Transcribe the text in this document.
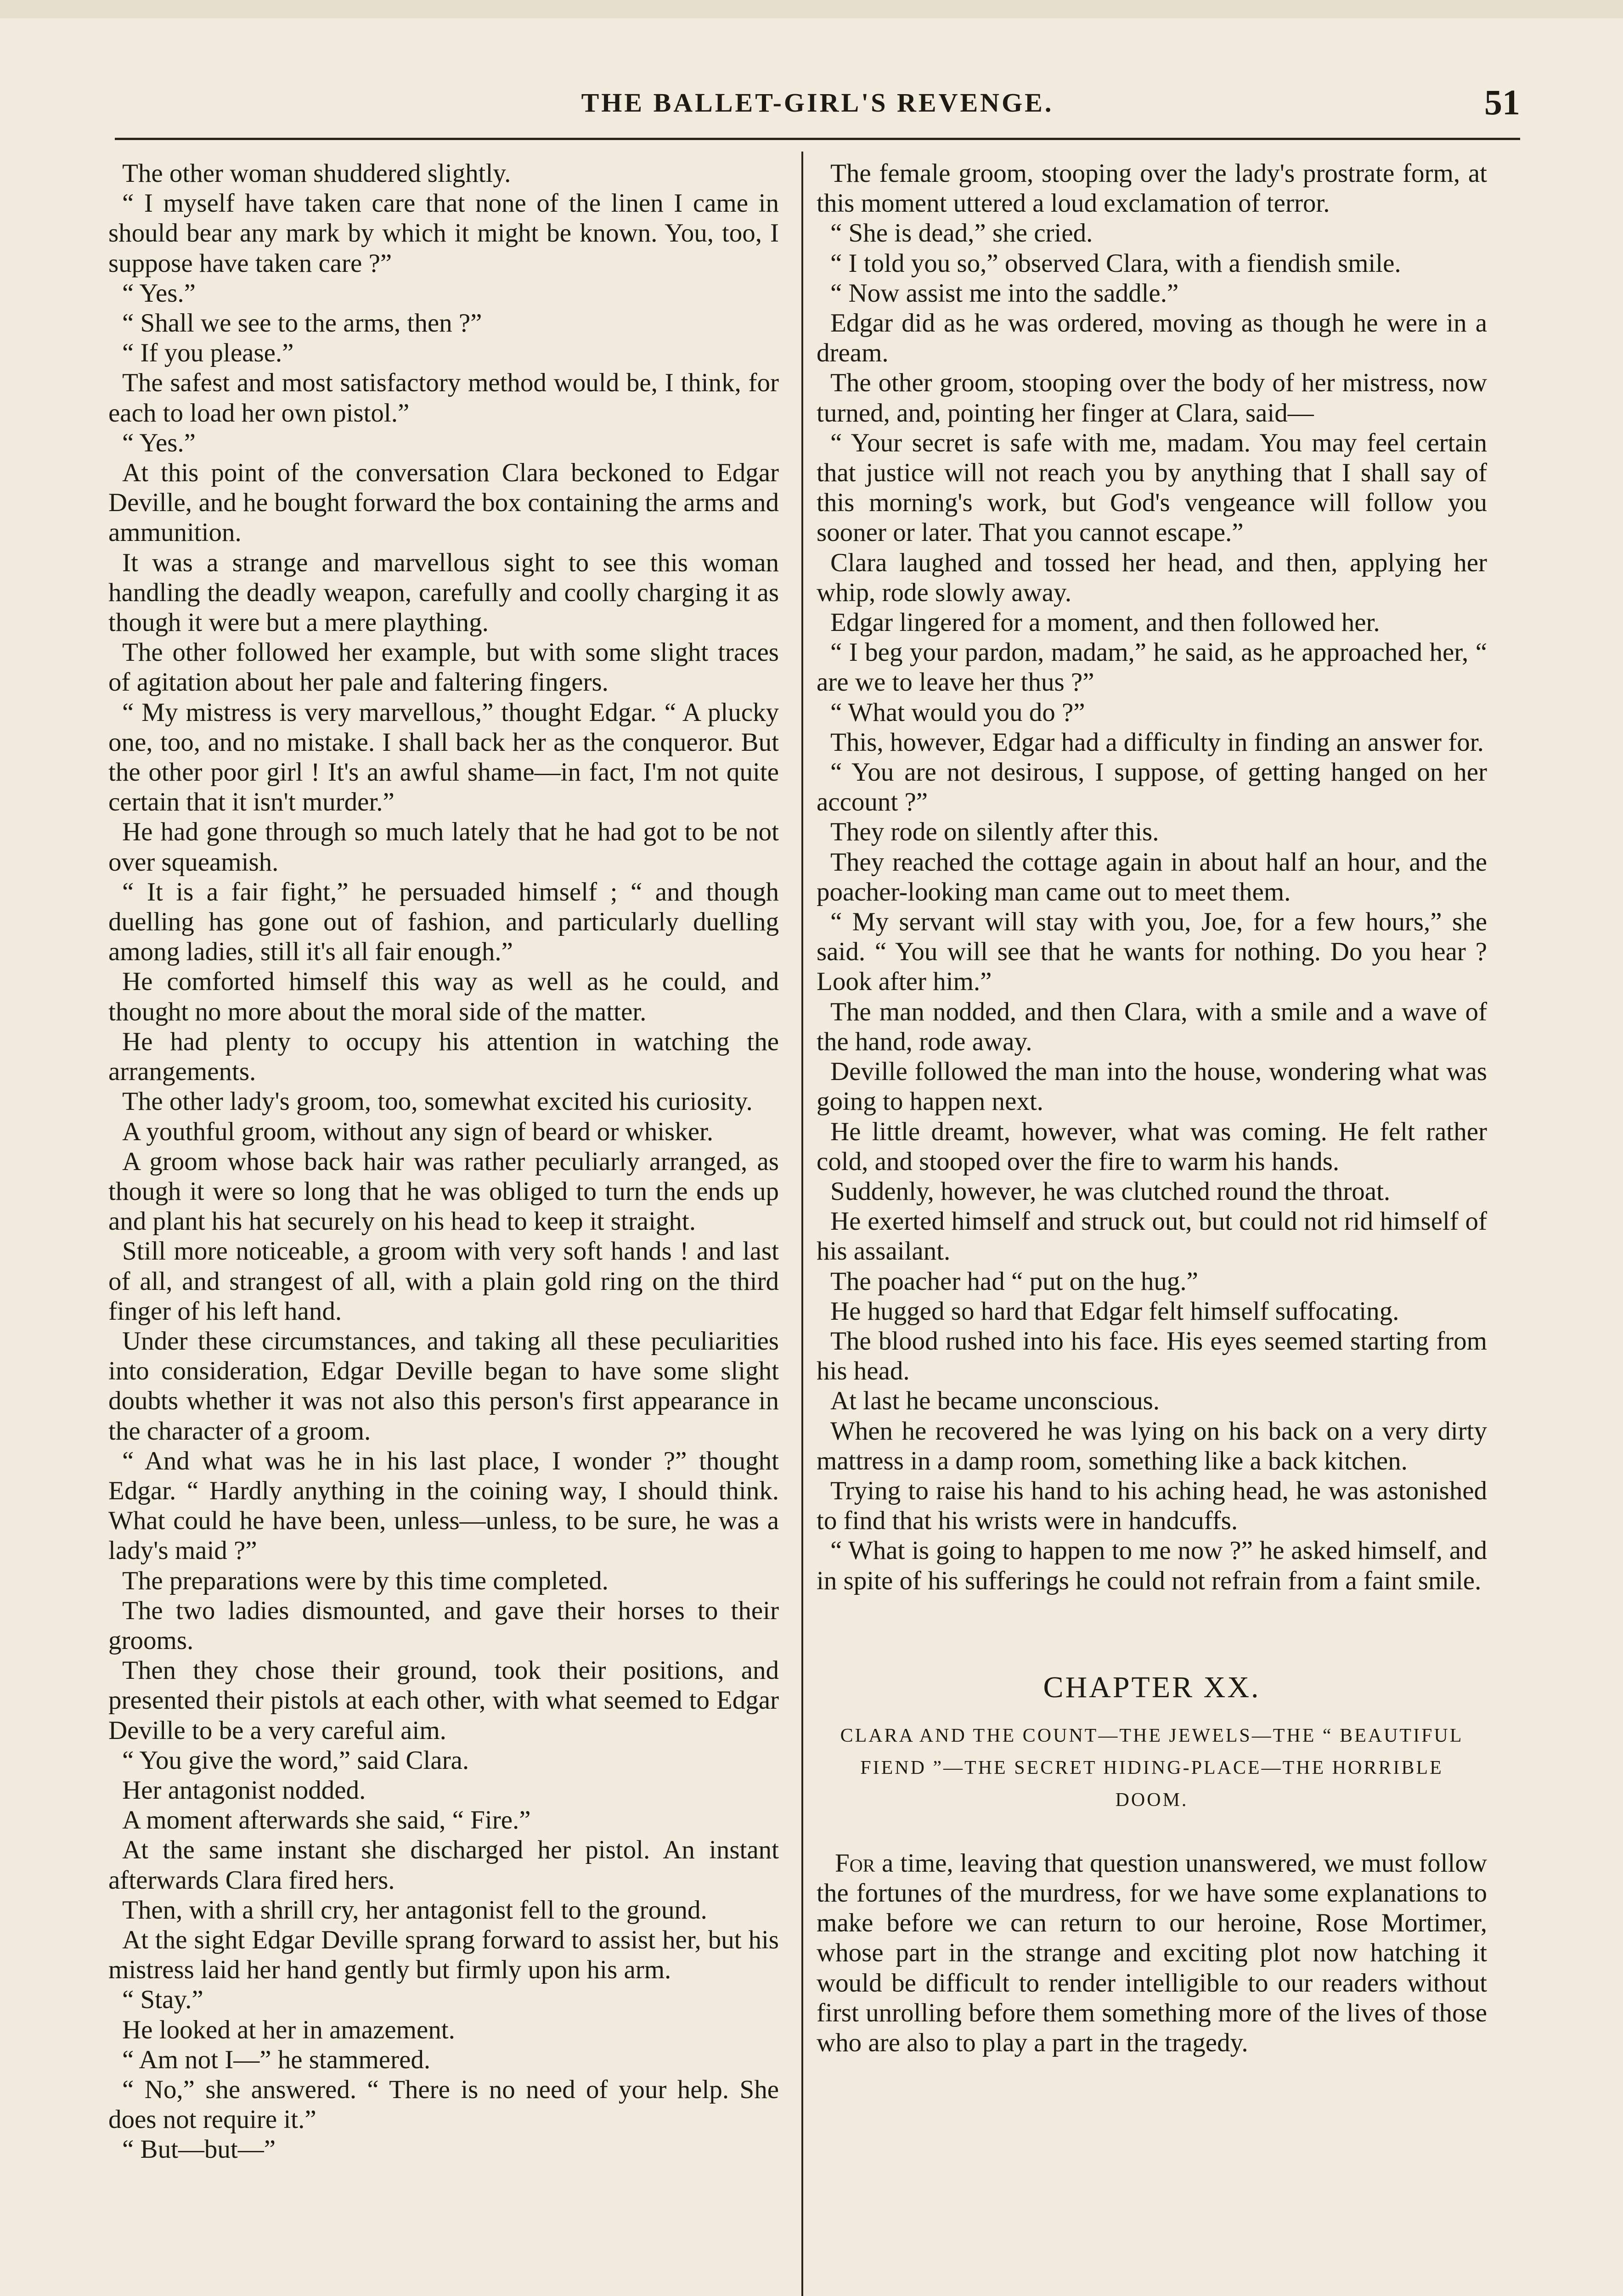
THE BALLET-GIRL'S REVENGE.	51

The other woman shuddered slightly.

“ I myself have taken care that none of the linen I came in should bear any mark by which it might be known. You, too, I suppose have taken care ?”

“ Yes.”

“ Shall we see to the arms, then ?”

“ If you please.”

The safest and most satisfactory method would be, I think, for each to load her own pistol.”

“ Yes.”

At this point of the conversation Clara beckoned to Edgar Deville, and he bought forward the box containing the arms and ammunition.

It was a strange and marvellous sight to see this woman handling the deadly weapon, carefully and coolly charging it as though it were but a mere plaything.

The other followed her example, but with some slight traces of agitation about her pale and faltering fingers.

“ My mistress is very marvellous,” thought Edgar. “ A plucky one, too, and no mistake. I shall back her as the conqueror. But the other poor girl ! It's an awful shame—in fact, I'm not quite certain that it isn't murder.”

He had gone through so much lately that he had got to be not over squeamish.

“ It is a fair fight,” he persuaded himself ; “ and though duelling has gone out of fashion, and particularly duelling among ladies, still it's all fair enough.”

He comforted himself this way as well as he could, and thought no more about the moral side of the matter.

He had plenty to occupy his attention in watching the arrangements.

The other lady's groom, too, somewhat excited his curiosity.

A youthful groom, without any sign of beard or whisker.

A groom whose back hair was rather peculiarly arranged, as though it were so long that he was obliged to turn the ends up and plant his hat securely on his head to keep it straight.

Still more noticeable, a groom with very soft hands ! and last of all, and strangest of all, with a plain gold ring on the third finger of his left hand.

Under these circumstances, and taking all these peculiarities into consideration, Edgar Deville began to have some slight doubts whether it was not also this person's first appearance in the character of a groom.

“ And what was he in his last place, I wonder ?” thought Edgar. “ Hardly anything in the coining way, I should think. What could he have been, unless—unless, to be sure, he was a lady's maid ?”

The preparations were by this time completed.

The two ladies dismounted, and gave their horses to their grooms.

Then they chose their ground, took their positions, and presented their pistols at each other, with what seemed to Edgar Deville to be a very careful aim.

“ You give the word,” said Clara.

Her antagonist nodded.

A moment afterwards she said, “ Fire.”

At the same instant she discharged her pistol. An instant afterwards Clara fired hers.

Then, with a shrill cry, her antagonist fell to the ground.

At the sight Edgar Deville sprang forward to assist her, but his mistress laid her hand gently but firmly upon his arm.

“ Stay.”

He looked at her in amazement.

“ Am not I—” he stammered.

“ No,” she answered. “ There is no need of your help. She does not require it.”

“ But—but—”

The female groom, stooping over the lady's prostrate form, at this moment uttered a loud exclamation of terror.

“ She is dead,” she cried.

“ I told you so,” observed Clara, with a fiendish smile.

“ Now assist me into the saddle.”

Edgar did as he was ordered, moving as though he were in a dream.

The other groom, stooping over the body of her mistress, now turned, and, pointing her finger at Clara, said—

“ Your secret is safe with me, madam. You may feel certain that justice will not reach you by anything that I shall say of this morning's work, but God's vengeance will follow you sooner or later. That you cannot escape.”

Clara laughed and tossed her head, and then, applying her whip, rode slowly away.

Edgar lingered for a moment, and then followed her.

“ I beg your pardon, madam,” he said, as he approached her, “ are we to leave her thus ?”

“ What would you do ?”

This, however, Edgar had a difficulty in finding an answer for.

“ You are not desirous, I suppose, of getting hanged on her account ?”

They rode on silently after this.

They reached the cottage again in about half an hour, and the poacher-looking man came out to meet them.

“ My servant will stay with you, Joe, for a few hours,” she said. “ You will see that he wants for nothing. Do you hear ? Look after him.”

The man nodded, and then Clara, with a smile and a wave of the hand, rode away.

Deville followed the man into the house, wondering what was going to happen next.

He little dreamt, however, what was coming. He felt rather cold, and stooped over the fire to warm his hands.

Suddenly, however, he was clutched round the throat.

He exerted himself and struck out, but could not rid himself of his assailant.

The poacher had “ put on the hug.”

He hugged so hard that Edgar felt himself suffocating.

The blood rushed into his face. His eyes seemed starting from his head.

At last he became unconscious.

When he recovered he was lying on his back on a very dirty mattress in a damp room, something like a back kitchen.

Trying to raise his hand to his aching head, he was astonished to find that his wrists were in handcuffs.

“ What is going to happen to me now ?” he asked himself, and in spite of his sufferings he could not refrain from a faint smile.

CHAPTER XX.
CLARA AND THE COUNT—THE JEWELS—THE “ BEAUTIFUL FIEND ”—THE SECRET HIDING-PLACE—THE HORRIBLE DOOM.

For a time, leaving that question unanswered, we must follow the fortunes of the murdress, for we have some explanations to make before we can return to our heroine, Rose Mortimer, whose part in the strange and exciting plot now hatching it would be difficult to render intelligible to our readers without first unrolling before them something more of the lives of those who are also to play a part in the tragedy.
